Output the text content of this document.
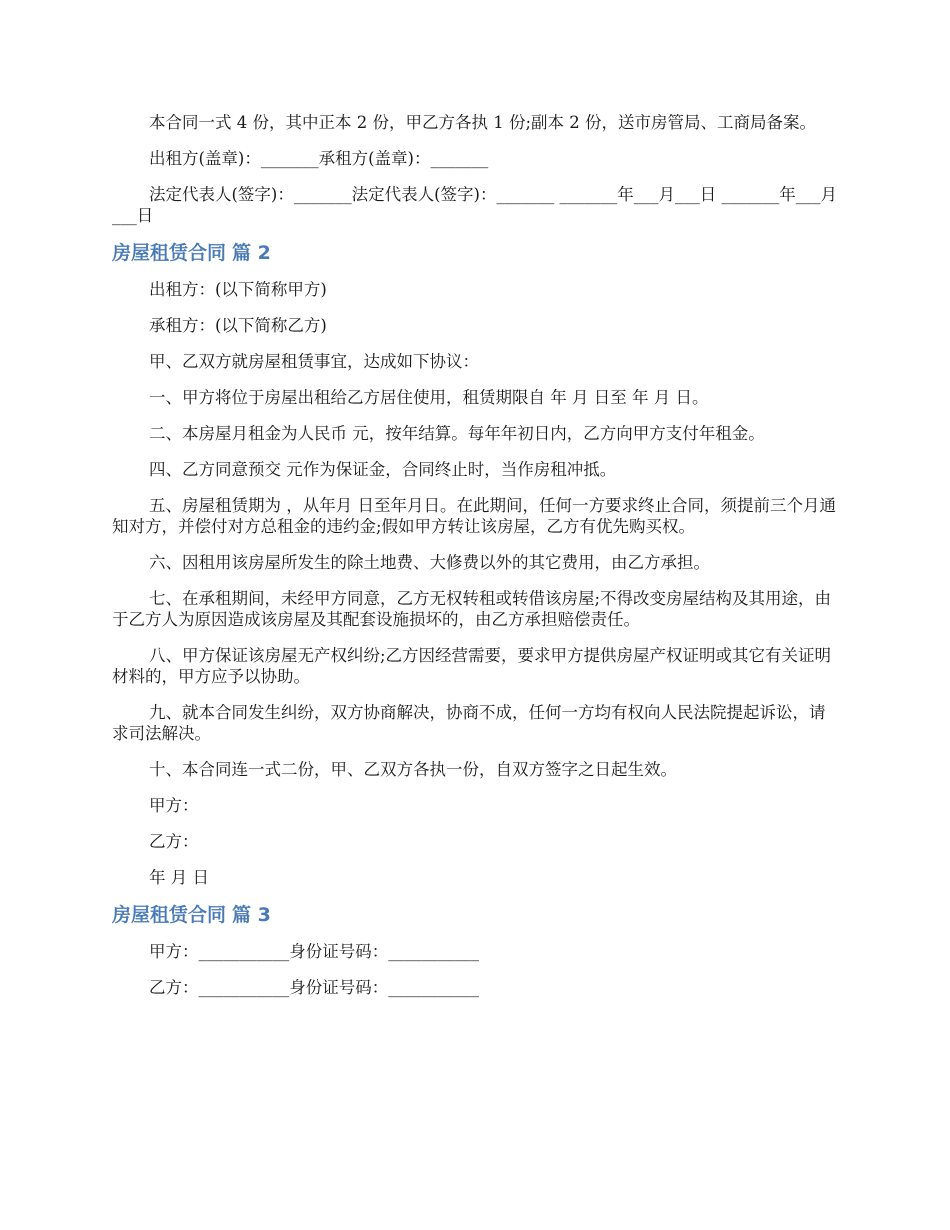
本合同一式 4 份，其中正本 2 份，甲乙方各执 1 份;副本 2 份，送市房管局、工商局备案。

出租方(盖章)：_______承租方(盖章)：_______

法定代表人(签字)：_______法定代表人(签字)：_______ _______年___月___日 _______年___月___日

房屋租赁合同 篇 2

出租方：(以下简称甲方)

承租方：(以下简称乙方)

甲、乙双方就房屋租赁事宜，达成如下协议：

一、甲方将位于房屋出租给乙方居住使用，租赁期限自 年 月 日至 年 月 日。

二、本房屋月租金为人民币 元，按年结算。每年年初日内，乙方向甲方支付年租金。

四、乙方同意预交 元作为保证金，合同终止时，当作房租冲抵。

五、房屋租赁期为 ，从年月 日至年月日。在此期间，任何一方要求终止合同，须提前三个月通知对方，并偿付对方总租金的违约金;假如甲方转让该房屋，乙方有优先购买权。

六、因租用该房屋所发生的除土地费、大修费以外的其它费用，由乙方承担。

七、在承租期间，未经甲方同意，乙方无权转租或转借该房屋;不得改变房屋结构及其用途，由于乙方人为原因造成该房屋及其配套设施损坏的，由乙方承担赔偿责任。

八、甲方保证该房屋无产权纠纷;乙方因经营需要，要求甲方提供房屋产权证明或其它有关证明材料的，甲方应予以协助。

九、就本合同发生纠纷，双方协商解决，协商不成，任何一方均有权向人民法院提起诉讼，请求司法解决。

十、本合同连一式二份，甲、乙双方各执一份，自双方签字之日起生效。

甲方：

乙方：

年 月 日

房屋租赁合同 篇 3

甲方：___________身份证号码：___________

乙方：___________身份证号码：___________
